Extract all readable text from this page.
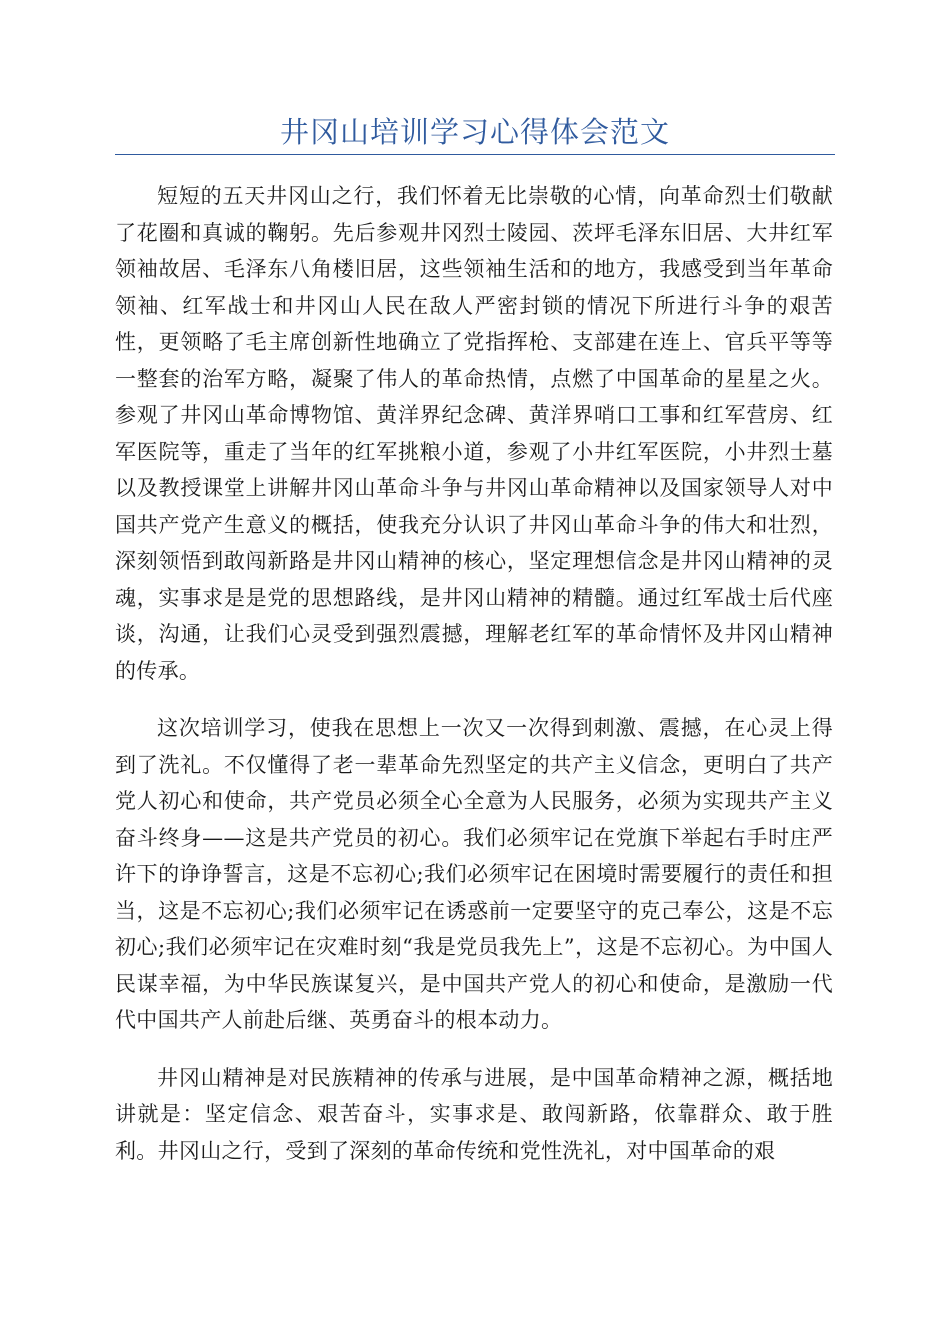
井冈山培训学习心得体会范文

短短的五天井冈山之行，我们怀着无比崇敬的心情，向革命烈士们敬献了花圈和真诚的鞠躬。先后参观井冈烈士陵园、茨坪毛泽东旧居、大井红军领袖故居、毛泽东八角楼旧居，这些领袖生活和的地方，我感受到当年革命领袖、红军战士和井冈山人民在敌人严密封锁的情况下所进行斗争的艰苦性，更领略了毛主席创新性地确立了党指挥枪、支部建在连上、官兵平等等一整套的治军方略，凝聚了伟人的革命热情，点燃了中国革命的星星之火。参观了井冈山革命博物馆、黄洋界纪念碑、黄洋界哨口工事和红军营房、红军医院等，重走了当年的红军挑粮小道，参观了小井红军医院，小井烈士墓以及教授课堂上讲解井冈山革命斗争与井冈山革命精神以及国家领导人对中国共产党产生意义的概括，使我充分认识了井冈山革命斗争的伟大和壮烈，深刻领悟到敢闯新路是井冈山精神的核心，坚定理想信念是井冈山精神的灵魂，实事求是是党的思想路线，是井冈山精神的精髓。通过红军战士后代座谈，沟通，让我们心灵受到强烈震撼，理解老红军的革命情怀及井冈山精神的传承。

这次培训学习，使我在思想上一次又一次得到刺激、震撼，在心灵上得到了洗礼。不仅懂得了老一辈革命先烈坚定的共产主义信念，更明白了共产党人初心和使命，共产党员必须全心全意为人民服务，必须为实现共产主义奋斗终身——这是共产党员的初心。我们必须牢记在党旗下举起右手时庄严许下的诤诤誓言，这是不忘初心;我们必须牢记在困境时需要履行的责任和担当，这是不忘初心;我们必须牢记在诱惑前一定要坚守的克己奉公，这是不忘初心;我们必须牢记在灾难时刻“我是党员我先上”，这是不忘初心。为中国人民谋幸福，为中华民族谋复兴，是中国共产党人的初心和使命，是激励一代代中国共产人前赴后继、英勇奋斗的根本动力。

井冈山精神是对民族精神的传承与进展，是中国革命精神之源，概括地讲就是：坚定信念、艰苦奋斗，实事求是、敢闯新路，依靠群众、敢于胜利。井冈山之行，受到了深刻的革命传统和党性洗礼，对中国革命的艰
